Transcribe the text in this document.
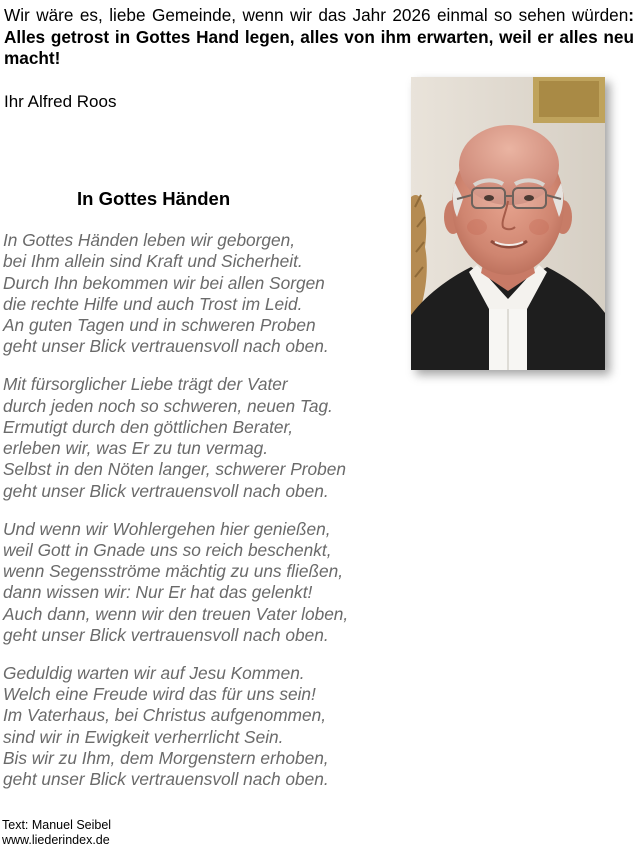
Wir wäre es, liebe Gemeinde, wenn wir das Jahr 2026 einmal so sehen würden: Alles getrost in Gottes Hand legen, alles von ihm erwarten, weil er alles neu macht!

Ihr Alfred Roos

In Gottes Händen
In Gottes Händen leben wir geborgen,
bei Ihm allein sind Kraft und Sicherheit.
Durch Ihn bekommen wir bei allen Sorgen
die rechte Hilfe und auch Trost im Leid.
An guten Tagen und in schweren Proben
geht unser Blick vertrauensvoll nach oben.
Mit fürsorglicher Liebe trägt der Vater
durch jeden noch so schweren, neuen Tag.
Ermutigt durch den göttlichen Berater,
erleben wir, was Er zu tun vermag.
Selbst in den Nöten langer, schwerer Proben
geht unser Blick vertrauensvoll nach oben.
Und wenn wir Wohlergehen hier genießen,
weil Gott in Gnade uns so reich beschenkt,
wenn Segensströme mächtig zu uns fließen,
dann wissen wir: Nur Er hat das gelenkt!
Auch dann, wenn wir den treuen Vater loben,
geht unser Blick vertrauensvoll nach oben.
Geduldig warten wir auf Jesu Kommen.
Welch eine Freude wird das für uns sein!
Im Vaterhaus, bei Christus aufgenommen,
sind wir in Ewigkeit verherrlicht Sein.
Bis wir zu Ihm, dem Morgenstern erhoben,
geht unser Blick vertrauensvoll nach oben.
Text: Manuel Seibel
www.liederindex.de
